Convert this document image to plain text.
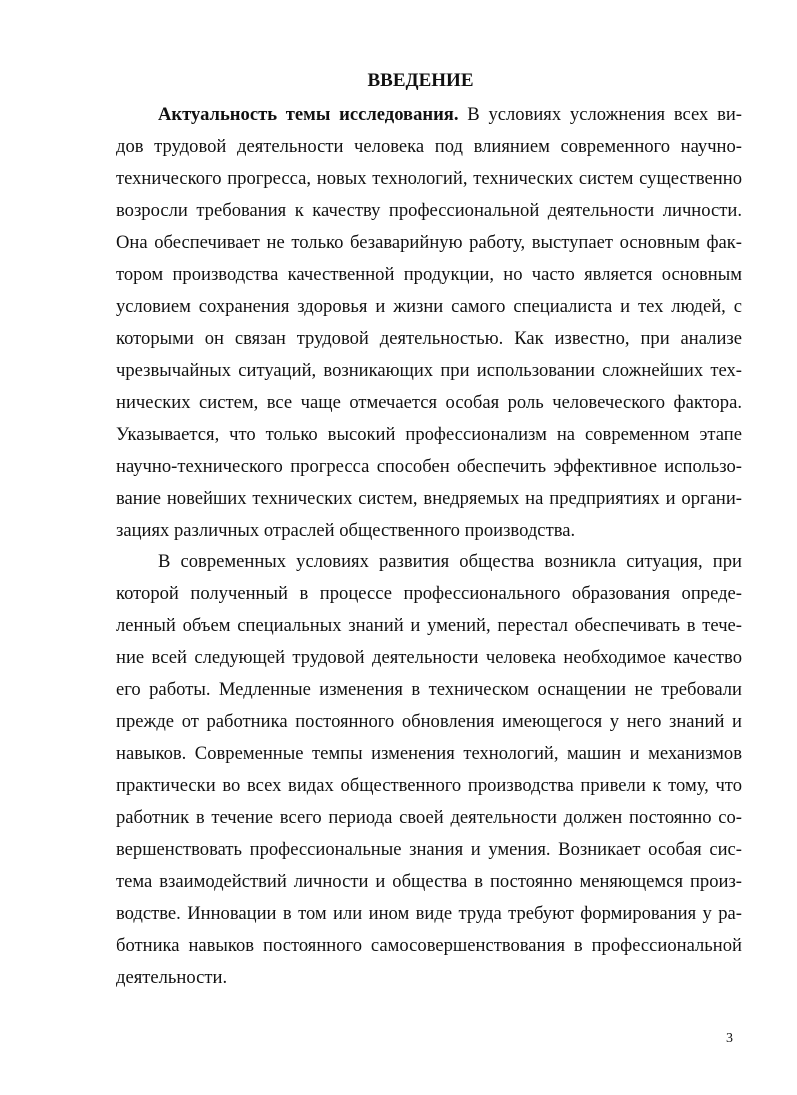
ВВЕДЕНИЕ
Актуальность темы исследования. В условиях усложнения всех ви-
дов трудовой деятельности человека под влиянием современного научно-
технического прогресса, новых технологий, технических систем существенно
возросли требования к качеству профессиональной деятельности личности.
Она обеспечивает не только безаварийную работу, выступает основным фак-
тором производства качественной продукции, но часто является основным
условием сохранения здоровья и жизни самого специалиста и тех людей, с
которыми он связан трудовой деятельностью. Как известно, при анализе
чрезвычайных ситуаций, возникающих при использовании сложнейших тех-
нических систем, все чаще отмечается особая роль человеческого фактора.
Указывается, что только высокий профессионализм на современном этапе
научно-технического прогресса способен обеспечить эффективное использо-
вание новейших технических систем, внедряемых на предприятиях и органи-
зациях различных отраслей общественного производства.
В современных условиях развития общества возникла ситуация, при
которой полученный в процессе профессионального образования опреде-
ленный объем специальных знаний и умений, перестал обеспечивать в тече-
ние всей следующей трудовой деятельности человека необходимое качество
его работы. Медленные изменения в техническом оснащении не требовали
прежде от работника постоянного обновления имеющегося у него знаний и
навыков. Современные темпы изменения технологий, машин и механизмов
практически во всех видах общественного производства привели к тому, что
работник в течение всего периода своей деятельности должен постоянно со-
вершенствовать профессиональные знания и умения. Возникает особая сис-
тема взаимодействий личности и общества в постоянно меняющемся произ-
водстве. Инновации в том или ином виде труда требуют формирования у ра-
ботника навыков постоянного самосовершенствования в профессиональной
деятельности.
3
